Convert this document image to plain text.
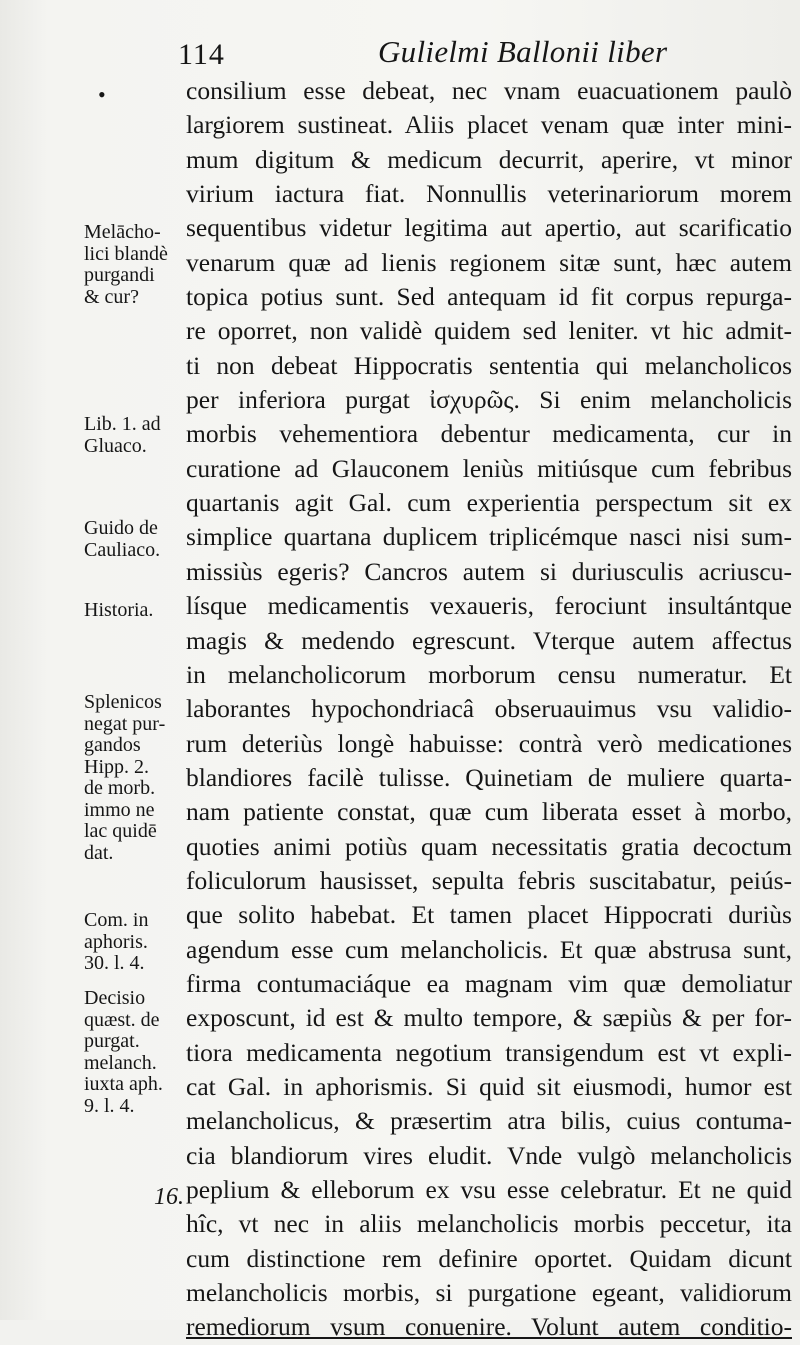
114	Gulielmi Ballonii liber
•
Melācho-
lici blandè
purgandi
& cur?
Lib. 1. ad
Gluaco.
Guido de
Cauliaco.
Historia.
Splenicos
negat pur-
gandos
Hipp. 2.
de morb.
immo ne
lac quidē
dat.
Com. in
aphoris.
30. l. 4.
Decisio
quæst. de
purgat.
melanch.
iuxta aph.
9. l. 4.
16.
consilium esse debeat, nec vnam euacuationem paulò
largiorem sustineat. Aliis placet venam quæ inter mini-
mum digitum & medicum decurrit, aperire, vt minor
virium iactura fiat. Nonnullis veterinariorum morem
sequentibus videtur legitima aut apertio, aut scarificatio
venarum quæ ad lienis regionem sitæ sunt, hæc autem
topica potius sunt. Sed antequam id fit corpus repurga-
re oporret, non validè quidem sed leniter. vt hic admit-
ti non debeat Hippocratis sententia qui melancholicos
per inferiora purgat ἰσχυρῶς. Si enim melancholicis
morbis vehementiora debentur medicamenta, cur in
curatione ad Glauconem leniùs mitiúsque cum febribus
quartanis agit Gal. cum experientia perspectum sit ex
simplice quartana duplicem triplicémque nasci nisi sum-
missiùs egeris? Cancros autem si duriusculis acriuscu-
lísque medicamentis vexaueris, ferociunt insultántque
magis & medendo egrescunt. Vterque autem affectus
in melancholicorum morborum censu numeratur. Et
laborantes hypochondriacâ obseruauimus vsu validio-
rum deteriùs longè habuisse: contrà verò medicationes
blandiores facilè tulisse. Quinetiam de muliere quarta-
nam patiente constat, quæ cum liberata esset à morbo,
quoties animi potiùs quam necessitatis gratia decoctum
foliculorum hausisset, sepulta febris suscitabatur, peiús-
que solito habebat. Et tamen placet Hippocrati duriùs
agendum esse cum melancholicis. Et quæ abstrusa sunt,
firma contumaciáque ea magnam vim quæ demoliatur
exposcunt, id est & multo tempore, & sæpiùs & per for-
tiora medicamenta negotium transigendum est vt expli-
cat Gal. in aphorismis. Si quid sit eiusmodi, humor est
melancholicus, & præsertim atra bilis, cuius contuma-
cia blandiorum vires eludit. Vnde vulgò melancholicis
peplium & elleborum ex vsu esse celebratur. Et ne quid
hîc, vt nec in aliis melancholicis morbis peccetur, ita
cum distinctione rem definire oportet. Quidam dicunt
melancholicis morbis, si purgatione egeant, validiorum
remediorum vsum conuenire. Volunt autem conditio-
